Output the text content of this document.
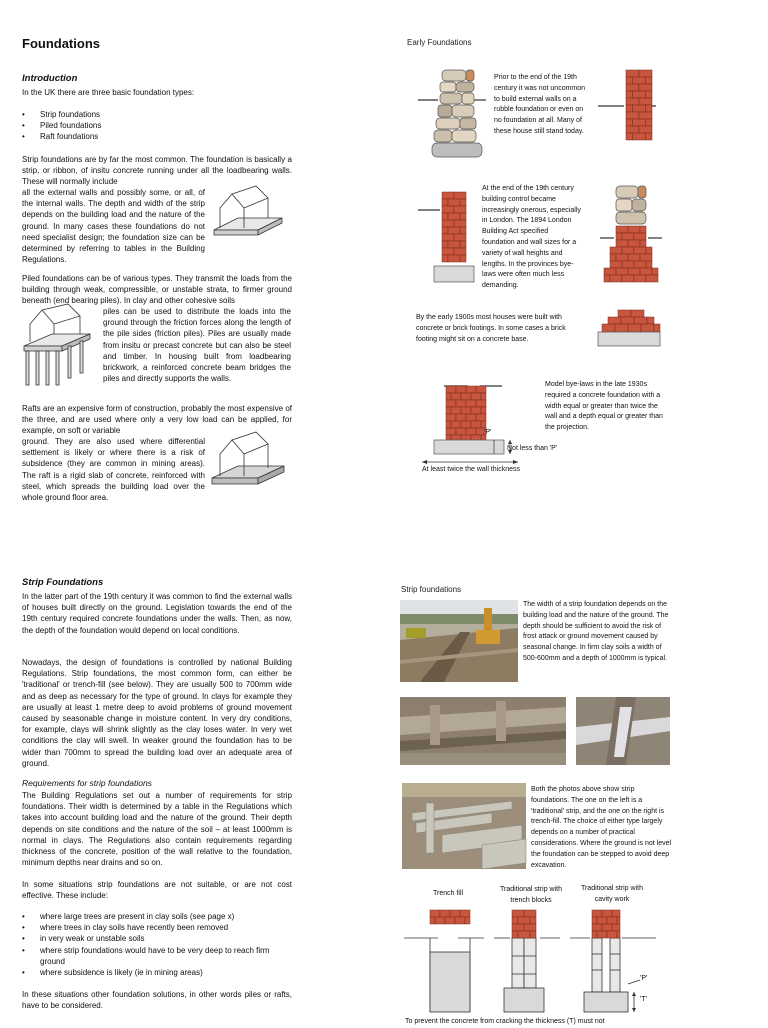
Foundations
Introduction
In the UK there are three basic foundation types:
• Strip foundations
• Piled foundations
• Raft foundations
Strip foundations are by far the most common. The foundation is basically a strip, or ribbon, of insitu concrete running under all the loadbearing walls. These will normally include
all the external walls and possibly some, or all, of the internal walls. The depth and width of the strip depends on the building load and the nature of the ground. In many cases these foundations do not need specialist design; the foundation size can be determined by referring to tables in the Building Regulations.
Piled foundations can be of various types. They transmit the loads from the building through weak, compressible, or unstable strata, to firmer ground beneath (end bearing piles). In clay and other cohesive soils
piles can be used to distribute the loads into the ground through the friction forces along the length of the pile sides (friction piles). Piles are usually made from insitu or precast concrete but can also be steel and timber. In housing built from loadbearing brickwork, a reinforced concrete beam bridges the piles and directly supports the walls.
Rafts are an expensive form of construction, probably the most expensive of the three, and are used where only a very low load can be applied, for example, on soft or variable
ground. They are also used where differential settlement is likely or where there is a risk of subsidence (they are common in mining areas). The raft is a rigid slab of concrete, reinforced with steel, which spreads the building load over the whole ground floor area.
Early Foundations
Prior to the end of the 19th century it was not uncommon to build external walls on a rubble foundation or even on no foundation at all. Many of these house still stand today.
At the end of the 19th century building control became increasingly onerous, especially in London. The 1894 London Building Act specified foundation and wall sizes for a variety of wall heights and lengths. In the provinces bye-laws were often much less demanding.
By the early 1900s most houses were built with concrete or brick footings. In some cases a brick footing might sit on a concrete base.
'P'
Not less than 'P'
At least twice the wall thickness
Model bye-laws in the late 1930s required a concrete foundation with a width equal or greater than twice the wall and a depth equal or greater than the projection.
Strip Foundations
In the latter part of the 19th century it was common to find the external walls of houses built directly on the ground. Legislation towards the end of the 19th century required concrete foundations under the walls. Then, as now, the depth of the foundation would depend on local conditions.
Nowadays, the design of foundations is controlled by national Building Regulations. Strip foundations, the most common form, can either be 'traditional' or trench-fill (see below). They are usually 500 to 700mm wide and as deep as necessary for the type of ground. In clays for example they are usually at least 1 metre deep to avoid problems of ground movement caused by seasonable change in moisture content. In very dry conditions, for example, clays will shrink slightly as the clay loses water. In very wet conditions the clay will swell. In weaker ground the foundation has to be wider than 700mm to spread the building load over an adequate area of ground.
Requirements for strip foundations
The Building Regulations set out a number of requirements for strip foundations. Their width is determined by a table in the Regulations which takes into account building load and the nature of the ground. Their depth depends on site conditions and the nature of the soil – at least 1000mm is normal in clays. The Regulations also contain requirements regarding thickness of the concrete, position of the wall relative to the foundation, minimum depths near drains and so on.
In some situations strip foundations are not suitable, or are not cost effective. These include:
• where large trees are present in clay soils (see page x)
• where trees in clay soils have recently been removed
• in very weak or unstable soils
• where strip foundations would have to be very deep to reach firm ground
• where subsidence is likely (ie in mining areas)
In these situations other foundation solutions, in other words piles or rafts, have to be considered.
Strip foundations
The width of a strip foundation depends on the building load and the nature of the ground. The depth should be sufficient to avoid the risk of frost attack or ground movement caused by seasonal change. In firm clay soils a width of 500-600mm and a depth of 1000mm is typical.
Both the photos above show strip foundations. The one on the left is a 'traditional' strip, and the one on the right is trench-fill. The choice of either type largely depends on a number of practical considerations. Where the ground is not level the foundation can be stepped to avoid deep excavation.
Trench fill
Traditional strip with trench blocks
Traditional strip with cavity work
'P'
'T'
To prevent the concrete from cracking the thickness (T) must not
